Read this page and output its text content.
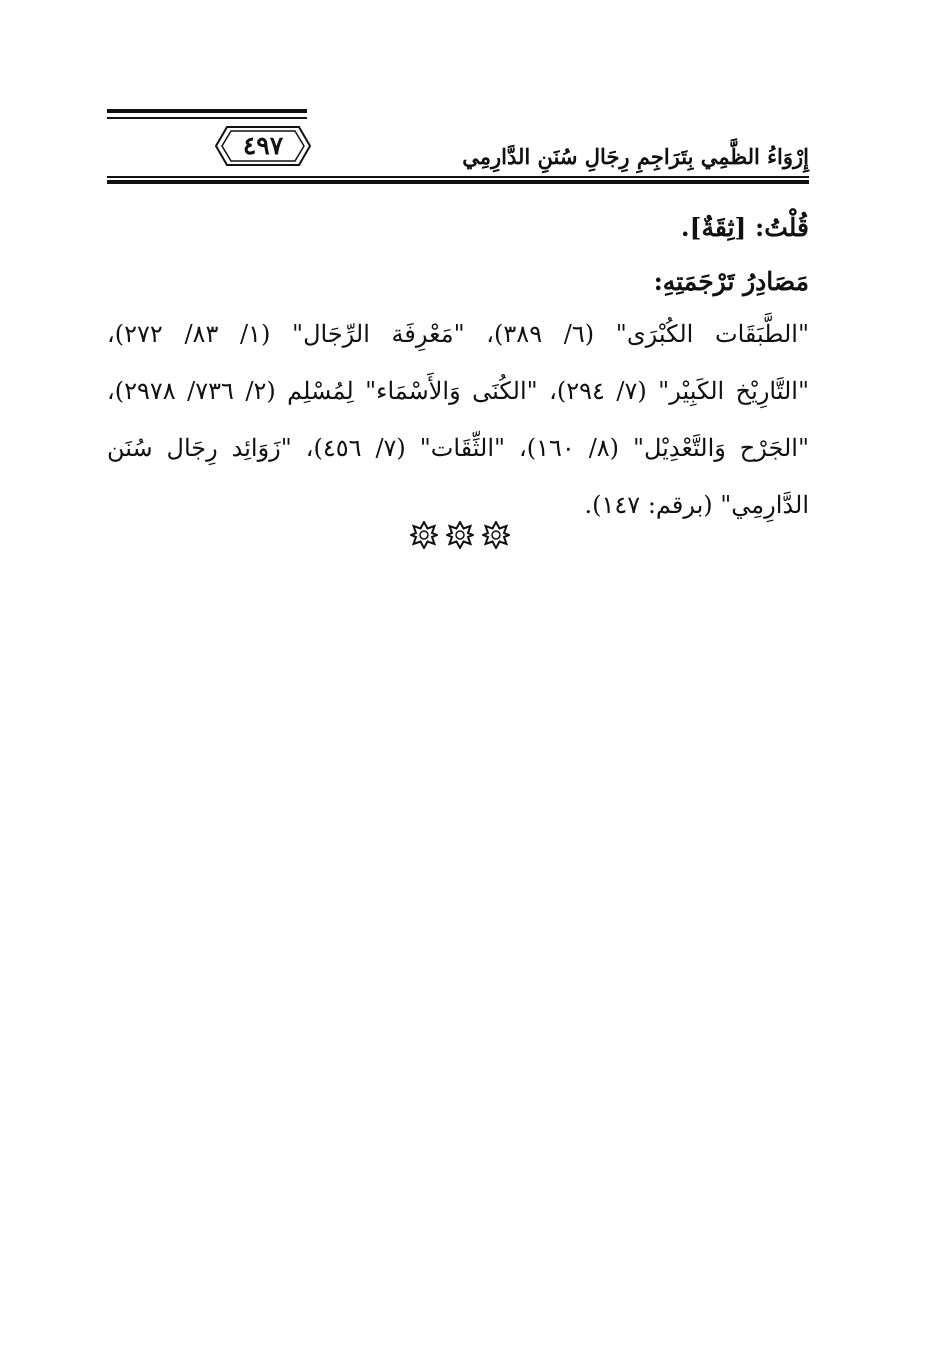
٤٩٧	إِرْوَاءُ الظَّمِي بِتَرَاجِمِ رِجَالِ سُنَنِ الدَّارِمِي
قُلْتُ: [ثِقَةٌ].
مَصَادِرُ تَرْجَمَتِهِ:
"الطَّبَقَات الكُبْرَى" (٦/ ٣٨٩)، "مَعْرِفَة الرِّجَال" (١/ ٨٣/ ٢٧٢)،
"التَّارِيْخ الكَبِيْر" (٧/ ٢٩٤)، "الكُنَى وَالأَسْمَاء" لِمُسْلِم (٢/ ٧٣٦/ ٢٩٧٨)،
"الجَرْح وَالتَّعْدِيْل" (٨/ ١٦٠)، "الثِّقَات" (٧/ ٤٥٦)، "زَوَائِد رِجَال سُنَن
الدَّارِمِي" (برقم: ١٤٧).
